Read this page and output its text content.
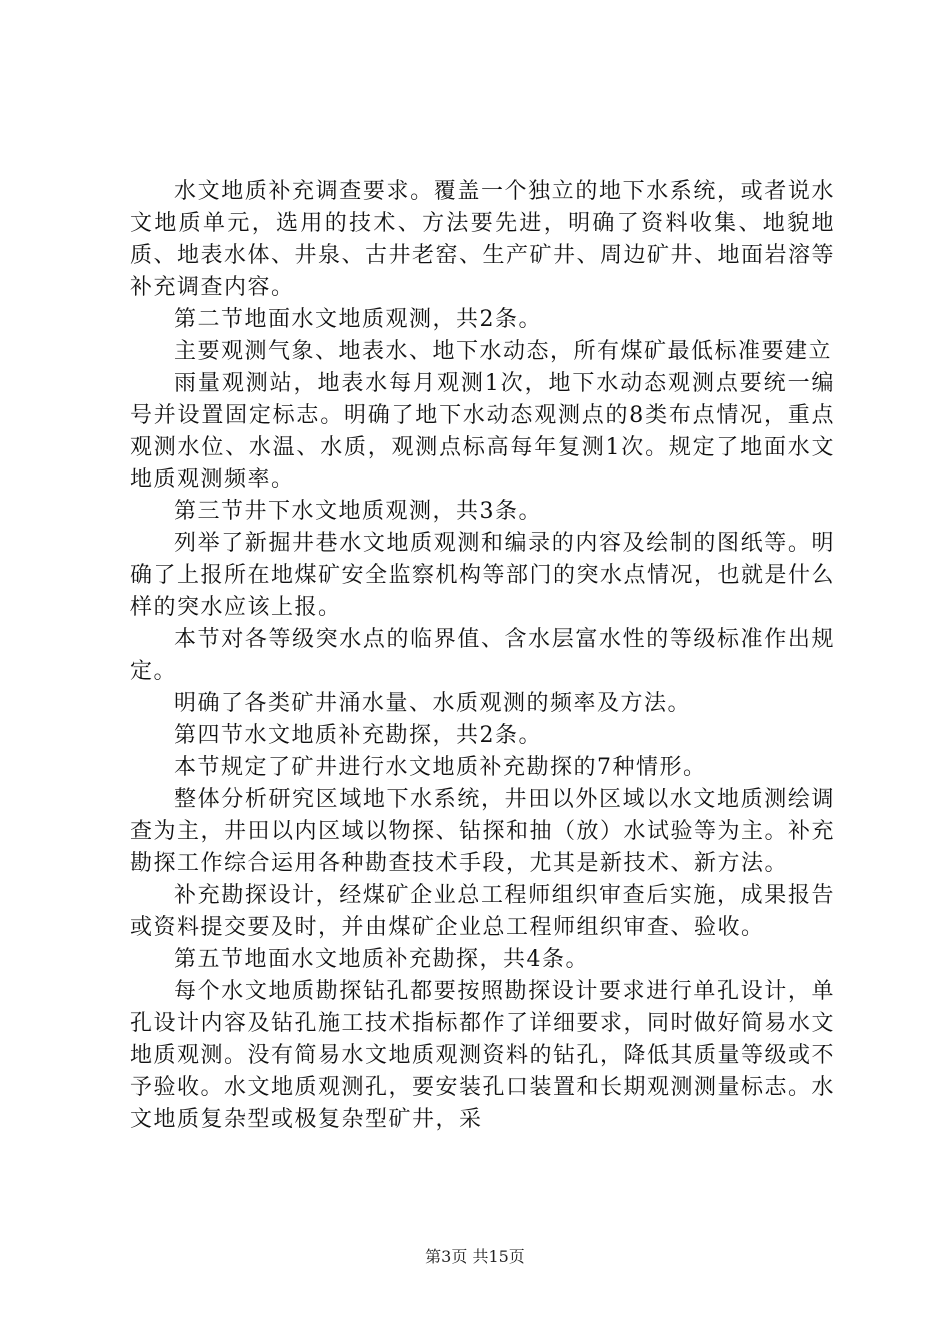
水文地质补充调查要求。覆盖一个独立的地下水系统，或者说水文地质单元，选用的技术、方法要先进，明确了资料收集、地貌地质、地表水体、井泉、古井老窑、生产矿井、周边矿井、地面岩溶等补充调查内容。

第二节地面水文地质观测，共2条。

主要观测气象、地表水、地下水动态，所有煤矿最低标准要建立

雨量观测站，地表水每月观测1次，地下水动态观测点要统一编号并设置固定标志。明确了地下水动态观测点的8类布点情况，重点观测水位、水温、水质，观测点标高每年复测1次。规定了地面水文地质观测频率。

第三节井下水文地质观测，共3条。

列举了新掘井巷水文地质观测和编录的内容及绘制的图纸等。明确了上报所在地煤矿安全监察机构等部门的突水点情况，也就是什么样的突水应该上报。

本节对各等级突水点的临界值、含水层富水性的等级标准作出规定。

明确了各类矿井涌水量、水质观测的频率及方法。

第四节水文地质补充勘探，共2条。

本节规定了矿井进行水文地质补充勘探的7种情形。

整体分析研究区域地下水系统，井田以外区域以水文地质测绘调查为主，井田以内区域以物探、钻探和抽（放）水试验等为主。补充勘探工作综合运用各种勘查技术手段，尤其是新技术、新方法。

补充勘探设计，经煤矿企业总工程师组织审查后实施，成果报告或资料提交要及时，并由煤矿企业总工程师组织审查、验收。

第五节地面水文地质补充勘探，共4条。

每个水文地质勘探钻孔都要按照勘探设计要求进行单孔设计，单孔设计内容及钻孔施工技术指标都作了详细要求，同时做好简易水文地质观测。没有简易水文地质观测资料的钻孔，降低其质量等级或不予验收。水文地质观测孔，要安装孔口装置和长期观测测量标志。水文地质复杂型或极复杂型矿井，采

第3页 共15页
